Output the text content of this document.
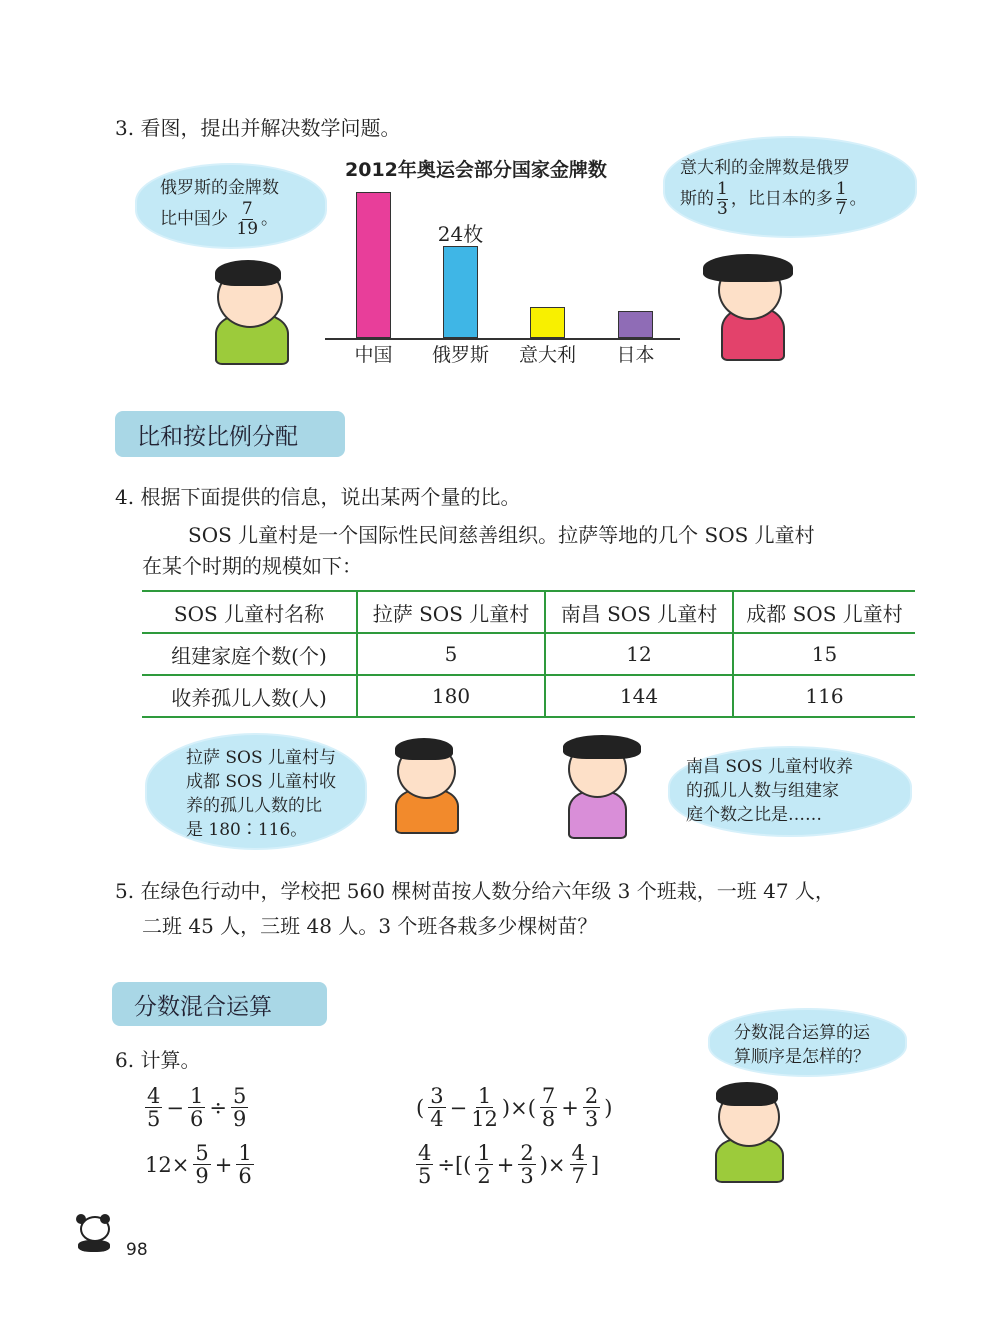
3. 看图，提出并解决数学问题。
俄罗斯的金牌数
比中国少 $\frac{7}{19}$ 。
意大利的金牌数是俄罗
斯的 $\frac{1}{3}$ ，比日本的多 $\frac{1}{7}$ 。
2012年奥运会部分国家金牌数
中国	俄罗斯
24枚
意大利	日本
比和按比例分配
4. 根据下面提供的信息，说出某两个量的比。
SOS 儿童村是一个国际性民间慈善组织。拉萨等地的几个 SOS 儿童村
在某个时期的规模如下：
SOS 儿童村名称	拉萨 SOS 儿童村	南昌 SOS 儿童村	成都 SOS 儿童村
组建家庭个数(个)	5	12	15
收养孤儿人数(人)	180	144	116
拉萨 SOS 儿童村与
成都 SOS 儿童村收
养的孤儿人数的比
是 180∶116。
南昌 SOS 儿童村收养
的孤儿人数与组建家
庭个数之比是……
5. 在绿色行动中，学校把 560 棵树苗按人数分给六年级 3 个班栽，一班 47 人，
二班 45 人，三班 48 人。3 个班各栽多少棵树苗？
分数混合运算
6. 计算。
分数混合运算的运
算顺序是怎样的？
$\frac{4}{5} - \frac{1}{6} \div \frac{5}{9}$
$12\times \frac{5}{9} + \frac{1}{6}$
( $\frac{3}{4} - \frac{1}{12}$ )×( $\frac{7}{8} + \frac{2}{3}$ )
$\frac{4}{5}$ ÷[( $\frac{1}{2} + \frac{2}{3}$ )× $\frac{4}{7}$ ]
98
